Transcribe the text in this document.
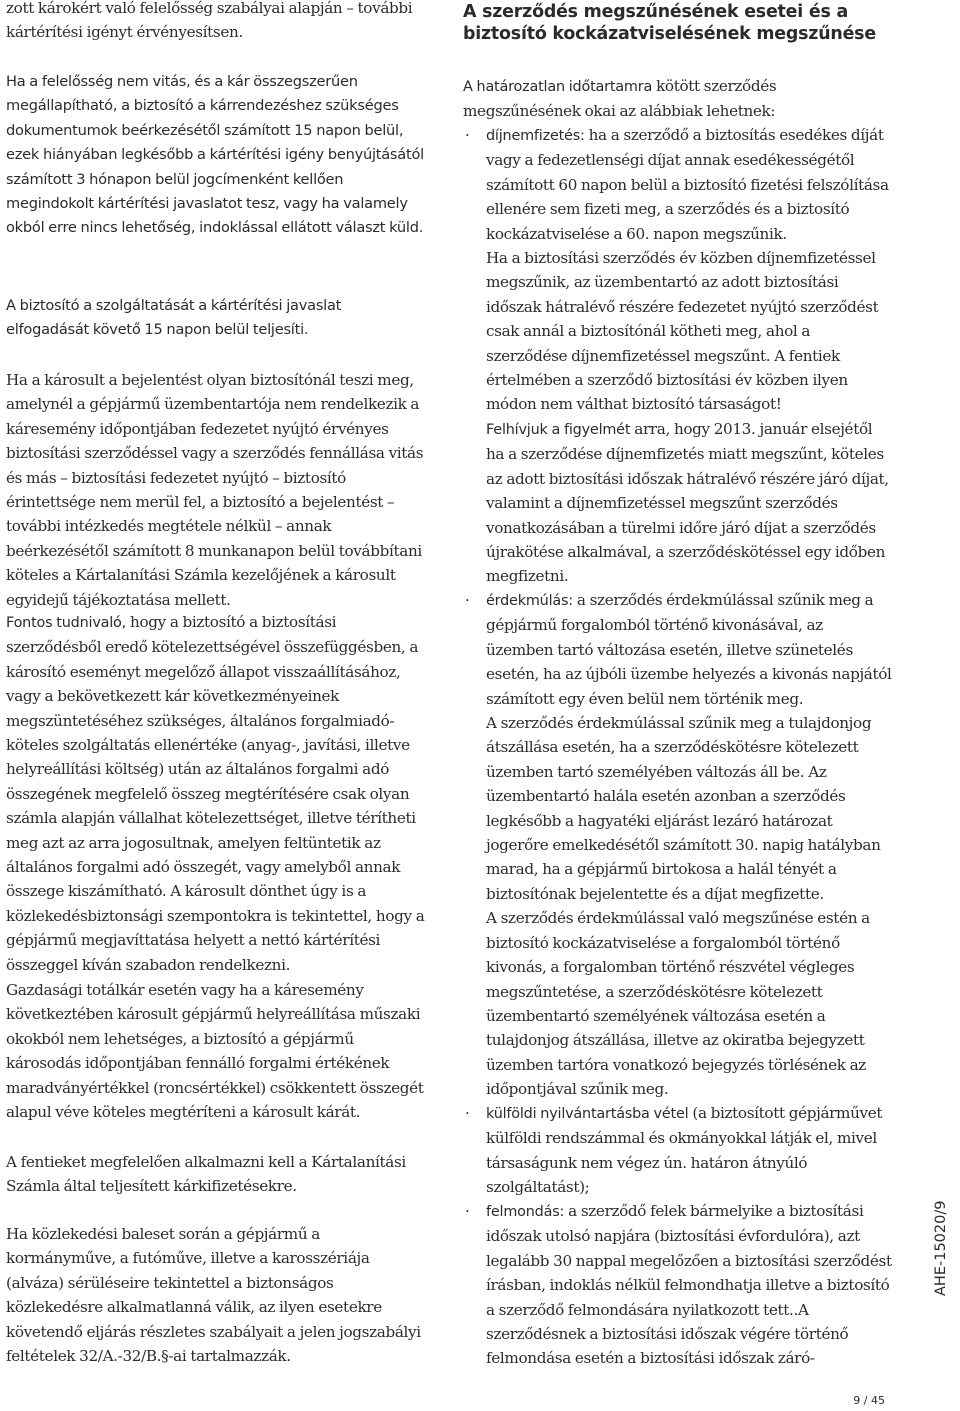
zott károkért való felelősség szabályai alapján – további kártérítési igényt érvényesítsen.

Ha a felelősség nem vitás, és a kár összegszerűen megállapítható, a biztosító a kárrendezéshez szükséges dokumentumok beérkezésétől számított 15 napon belül, ezek hiányában legkésőbb a kártérítési igény benyújtásától számított 3 hónapon belül jogcímenként kellően megindokolt kártérítési javaslatot tesz, vagy ha valamely okból erre nincs lehetőség, indoklással ellátott választ küld.

A biztosító a szolgáltatását a kártérítési javaslat elfogadását követő 15 napon belül teljesíti.

Ha a károsult a bejelentést olyan biztosítónál teszi meg, amelynél a gépjármű üzembentartója nem rendelkezik a káresemény időpontjában fedezetet nyújtó érvényes biztosítási szerződéssel vagy a szerződés fennállása vitás és más – biztosítási fedezetet nyújtó – biztosító érintettsége nem merül fel, a biztosító a bejelentést – további intézkedés megtétele nélkül – annak beérkezésétől számított 8 munkanapon belül továbbítani köteles a Kártalanítási Számla kezelőjének a károsult egyidejű tájékoztatása mellett.

Fontos tudnivaló, hogy a biztosító a biztosítási szerződésből eredő kötelezettségével összefüggésben, a károsító eseményt megelőző állapot visszaállításához, vagy a bekövetkezett kár következményeinek megszüntetéséhez szükséges, általános forgalmiadó-köteles szolgáltatás ellenértéke (anyag-, javítási, illetve helyreállítási költség) után az általános forgalmi adó összegének megfelelő összeg megtérítésére csak olyan számla alapján vállalhat kötelezettséget, illetve térítheti meg azt az arra jogosultnak, amelyen feltüntetik az általános forgalmi adó összegét, vagy amelyből annak összege kiszámítható. A károsult dönthet úgy is a közlekedésbiztonsági szempontokra is tekintettel, hogy a gépjármű megjavíttatása helyett a nettó kártérítési összeggel kíván szabadon rendelkezni.

Gazdasági totálkár esetén vagy ha a káresemény következtében károsult gépjármű helyreállítása műszaki okokból nem lehetséges, a biztosító a gépjármű károsodás időpontjában fennálló forgalmi értékének maradványértékkel (roncsértékkel) csökkentett összegét alapul véve köteles megtéríteni a károsult kárát.

A fentieket megfelelően alkalmazni kell a Kártalanítási Számla által teljesített kárkifizetésekre.

Ha közlekedési baleset során a gépjármű a kormányműve, a futóműve, illetve a karosszériája (alváza) sérüléseire tekintettel a biztonságos közlekedésre alkalmatlanná válik, az ilyen esetekre követendő eljárás részletes szabályait a jelen jogszabályi feltételek 32/A.-32/B.§-ai tartalmazzák.

A szerződés megszűnésének esetei és a biztosító kockázatviselésének megszűnése

A határozatlan időtartamra kötött szerződés megszűnésének okai az alábbiak lehetnek:

· díjnemfizetés: ha a szerződő a biztosítás esedékes díját vagy a fedezetlenségi díjat annak esedékességétől számított 60 napon belül a biztosító fizetési felszólítása ellenére sem fizeti meg, a szerződés és a biztosító kockázatviselése a 60. napon megszűnik.
Ha a biztosítási szerződés év közben díjnemfizetéssel megszűnik, az üzembentartó az adott biztosítási időszak hátralévő részére fedezetet nyújtó szerződést csak annál a biztosítónál kötheti meg, ahol a szerződése díjnemfizetéssel megszűnt. A fentiek értelmében a szerződő biztosítási év közben ilyen módon nem válthat biztosító társaságot!
Felhívjuk a figyelmét arra, hogy 2013. január elsejétől ha a szerződése díjnemfizetés miatt megszűnt, köteles az adott biztosítási időszak hátralévő részére járó díjat, valamint a díjnemfizetéssel megszűnt szerződés vonatkozásában a türelmi időre járó díjat a szerződés újrakötése alkalmával, a szerződéskötéssel egy időben megfizetni.
· érdekmúlás: a szerződés érdekmúlással szűnik meg a gépjármű forgalomból történő kivonásával, az üzemben tartó változása esetén, illetve szünetelés esetén, ha az újbóli üzembe helyezés a kivonás napjától számított egy éven belül nem történik meg.
A szerződés érdekmúlással szűnik meg a tulajdonjog átszállása esetén, ha a szerződéskötésre kötelezett üzemben tartó személyében változás áll be. Az üzembentartó halála esetén azonban a szerződés legkésőbb a hagyatéki eljárást lezáró határozat jogerőre emelkedésétől számított 30. napig hatályban marad, ha a gépjármű birtokosa a halál tényét a biztosítónak bejelentette és a díjat megfizette.
A szerződés érdekmúlással való megszűnése estén a biztosító kockázatviselése a forgalomból történő kivonás, a forgalomban történő részvétel végleges megszűntetése, a szerződéskötésre kötelezett üzembentartó személyének változása esetén a tulajdonjog átszállása, illetve az okiratba bejegyzett üzemben tartóra vonatkozó bejegyzés törlésének az időpontjával szűnik meg.
· külföldi nyilvántartásba vétel (a biztosított gépjárművet külföldi rendszámmal és okmányokkal látják el, mivel társaságunk nem végez ún. határon átnyúló szolgáltatást);
· felmondás: a szerződő felek bármelyike a biztosítási időszak utolsó napjára (biztosítási évfordulóra), azt legalább 30 nappal megelőzően a biztosítási szerződést írásban, indoklás nélkül felmondhatja illetve a biztosító a szerződő felmondására nyilatkozott tett..A szerződésnek a biztosítási időszak végére történő felmondása esetén a biztosítási időszak záró-
AHE-15020/9
9 / 45
